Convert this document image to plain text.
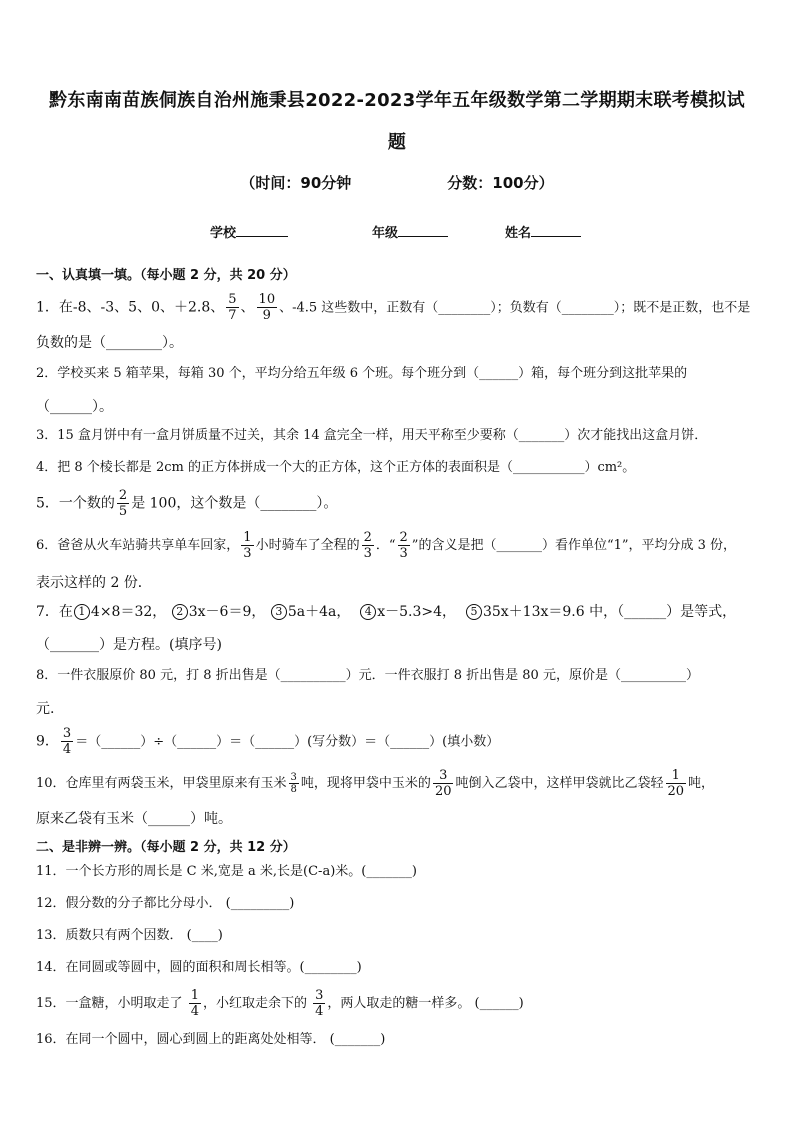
黔东南南苗族侗族自治州施秉县2022-2023学年五年级数学第二学期期末联考模拟试
题
（时间：90分钟	分数：100分）
学校	年级	姓名
一、认真填一填。（每小题 2 分，共 20 分）
1．在-8、-3、5、0、＋2.8、 $\frac{5}{7}$ 、 $\frac{10}{9}$ 、-4.5 这些数中，正数有（________）；负数有（________）；既不是正数，也不是
负数的是（________）。
2．学校买来 5 箱苹果，每箱 30 个，平均分给五年级 6 个班。每个班分到（______）箱，每个班分到这批苹果的
（______）。
3．15 盒月饼中有一盒月饼质量不过关，其余 14 盒完全一样，用天平称至少要称（_______）次才能找出这盒月饼．
4．把 8 个棱长都是 2cm 的正方体拼成一个大的正方体，这个正方体的表面积是（___________）cm²。
5．一个数的 $\frac{2}{5}$ 是 100，这个数是（________）。
6．爸爸从火车站骑共享单车回家， $\frac{1}{3}$ 小时骑车了全程的 $\frac{2}{3}$ ．“ $\frac{2}{3}$ ”的含义是把（_______）看作单位“1”，平均分成 3 份，
表示这样的 2 份．
7．在 1 4×8＝32， 2 3x－6＝9， 3 5a＋4a， 4 x－5.3>4， 5 35x＋13x＝9.6 中，（______）是等式，
（_______）是方程。(填序号)
8．一件衣服原价 80 元，打 8 折出售是（__________）元．一件衣服打 8 折出售是 80 元，原价是（__________）
元.
9． $\frac{3}{4}$ ＝（______）÷（______）＝（______）(写分数）＝（______）(填小数）
10．仓库里有两袋玉米，甲袋里原来有玉米 $\frac{3}{8}$ 吨，现将甲袋中玉米的 $\frac{3}{20}$ 吨倒入乙袋中，这样甲袋就比乙袋轻 $\frac{1}{20}$ 吨，
原来乙袋有玉米（______）吨。
二、是非辨一辨。（每小题 2 分，共 12 分）
11．一个长方形的周长是 C 米,宽是 a 米,长是(C-a)米。(_______)
12．假分数的分子都比分母小． (_________)
13．质数只有两个因数． (____)
14．在同圆或等圆中，圆的面积和周长相等。(________)
15．一盒糖，小明取走了 $\frac{1}{4}$ ，小红取走余下的 $\frac{3}{4}$ ，两人取走的糖一样多。 (______)
16．在同一个圆中，圆心到圆上的距离处处相等． (_______)
